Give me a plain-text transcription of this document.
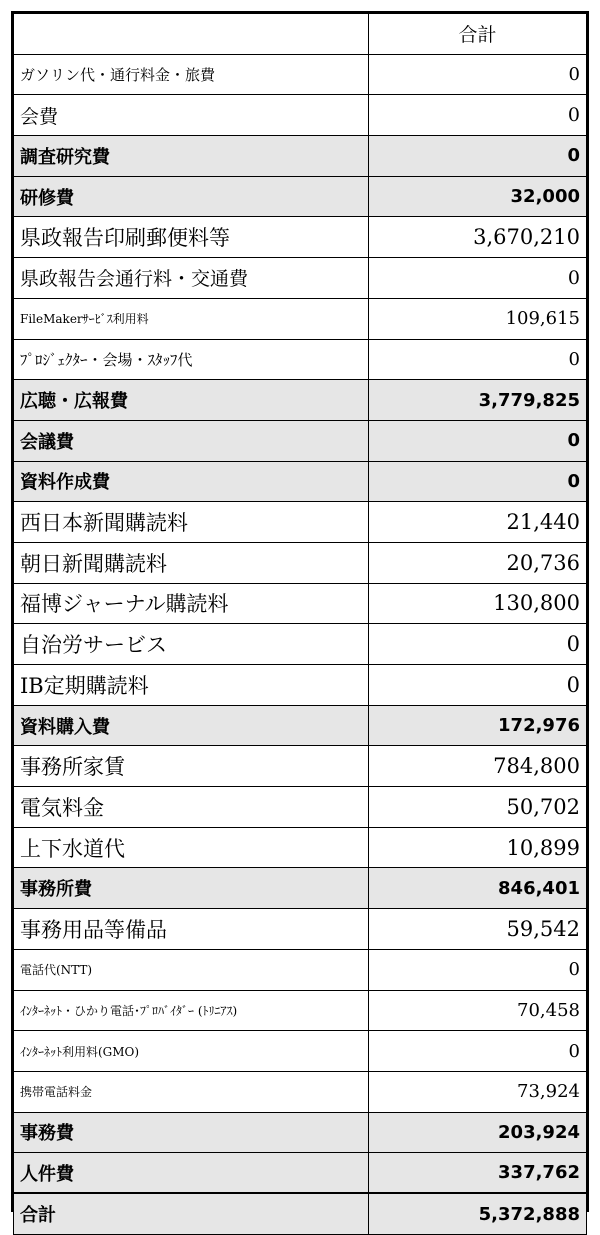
	合計
ガソリン代・通行料金・旅費	0
会費	0
調査研究費	0
研修費	32,000
県政報告印刷郵便料等	3,670,210
県政報告会通行料・交通費	0
FileMakerｻｰﾋﾞｽ利用料	109,615
ﾌﾟﾛｼﾞｪｸﾀｰ・会場・ｽﾀｯﾌ代	0
広聴・広報費	3,779,825
会議費	0
資料作成費	0
西日本新聞購読料	21,440
朝日新聞購読料	20,736
福博ジャーナル購読料	130,800
自治労サービス	0
IB定期購読料	0
資料購入費	172,976
事務所家賃	784,800
電気料金	50,702
上下水道代	10,899
事務所費	846,401
事務用品等備品	59,542
電話代(NTT)	0
ｲﾝﾀｰﾈｯﾄ・ひかり電話･ﾌﾟﾛﾊﾞｲﾀﾞｰ (ﾄﾘﾆｱｽ)	70,458
ｲﾝﾀｰﾈｯﾄ利用料(GMO)	0
携帯電話料金	73,924
事務費	203,924
人件費	337,762
合計	5,372,888
